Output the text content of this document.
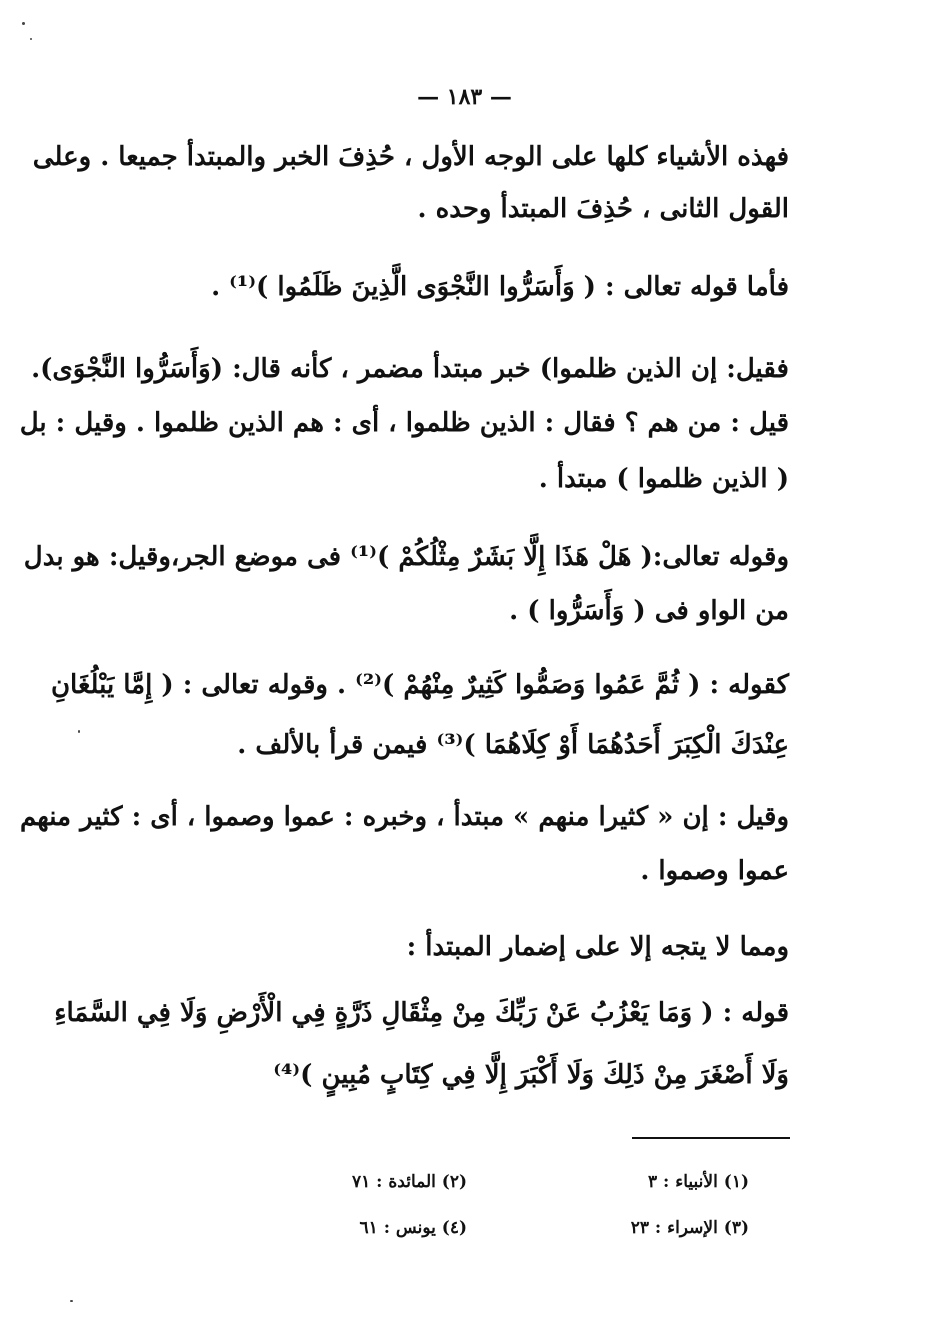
— ١٨٣ —
فهذه الأشياء كلها على الوجه الأول ، حُذِفَ الخبر والمبتدأ جميعا . وعلى
القول الثانى ، حُذِفَ المبتدأ وحده .
فأما قوله تعالى : ( وَأَسَرُّوا النَّجْوَى الَّذِينَ ظَلَمُوا )⁽¹⁾ .
فقيل: إن الذين ظلموا) خبر مبتدأ مضمر ، كأنه قال: (وَأَسَرُّوا النَّجْوَى).
قيل : من هم ؟ فقال : الذين ظلموا ، أى : هم الذين ظلموا . وقيل : بل
( الذين ظلموا ) مبتدأ .
وقوله تعالى:( هَلْ هَذَا إِلَّا بَشَرٌ مِثْلُكُمْ )⁽¹⁾ فى موضع الجر،وقيل: هو بدل
من الواو فى ( وَأَسَرُّوا ) .
كقوله : ( ثُمَّ عَمُوا وَصَمُّوا كَثِيرٌ مِنْهُمْ )⁽²⁾ . وقوله تعالى : ( إِمَّا يَبْلُغَانِ
عِنْدَكَ الْكِبَرَ أَحَدُهُمَا أَوْ كِلَاهُمَا )⁽³⁾ فيمن قرأ بالألف .
وقيل : إن « كثيرا منهم » مبتدأ ، وخبره : عموا وصموا ، أى : كثير منهم
عموا وصموا .
ومما لا يتجه إلا على إضمار المبتدأ :
قوله : ( وَمَا يَعْزُبُ عَنْ رَبِّكَ مِنْ مِثْقَالِ ذَرَّةٍ فِي الْأَرْضِ وَلَا فِي السَّمَاءِ
وَلَا أَصْغَرَ مِنْ ذَلِكَ وَلَا أَكْبَرَ إِلَّا فِي كِتَابٍ مُبِينٍ )⁽⁴⁾
(١) الأنبياء : ٣
(٢) المائدة : ٧١
(٣) الإسراء : ٢٣
(٤) يونس : ٦١
